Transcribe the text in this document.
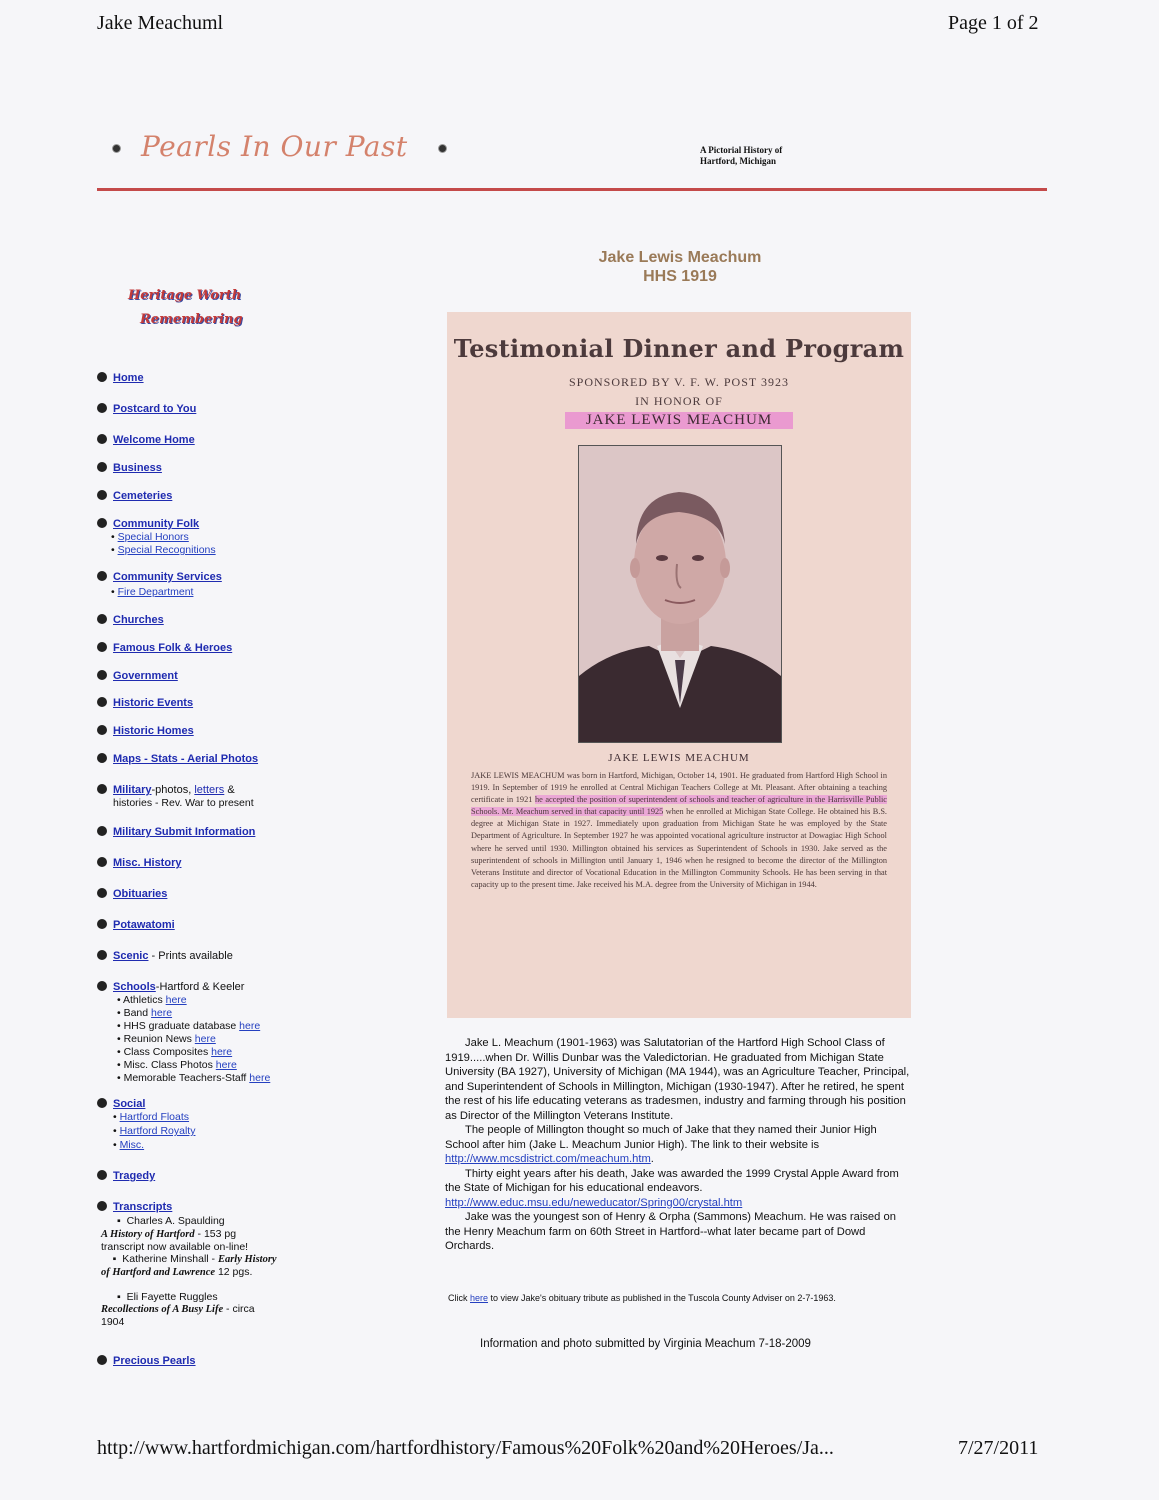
Jake Meachuml	Page 1 of 2
Pearls In Our Past	A Pictorial History of
Hartford, Michigan
Heritage Worth
Remembering
Home
Postcard to You
Welcome Home
Business
Cemeteries
Community Folk
• Special Honors
• Special Recognitions
Community Services
• Fire Department
Churches
Famous Folk & Heroes
Government
Historic Events
Historic Homes
Maps - Stats - Aerial Photos
Military-photos, letters &
histories - Rev. War to present
Military Submit Information
Misc. History
Obituaries
Potawatomi
Scenic - Prints available
Schools-Hartford & Keeler
• Athletics here
• Band here
• HHS graduate database here
• Reunion News here
• Class Composites here
• Misc. Class Photos here
• Memorable Teachers-Staff here
Social
• Hartford Floats
• Hartford Royalty
• Misc.
Tragedy
Transcripts
▪  Charles A. Spaulding
A History of Hartford - 153 pg
transcript now available on-line!
▪  Katherine Minshall - Early History of Hartford and Lawrence 12 pgs.
▪  Eli Fayette Ruggles
Recollections of A Busy Life - circa 1904
Precious Pearls
Jake Lewis Meachum
HHS 1919
Testimonial Dinner and Program
SPONSORED BY V. F. W. POST 3923
IN HONOR OF
JAKE LEWIS MEACHUM
JAKE LEWIS MEACHUM
JAKE LEWIS MEACHUM was born in Hartford, Michigan, October 14, 1901. He graduated from Hartford High School in 1919. In September of 1919 he enrolled at Central Michigan Teachers College at Mt. Pleasant. After obtaining a teaching certificate in 1921 he accepted the position of superintendent of schools and teacher of agriculture in the Harrisville Public Schools. Mr. Meachum served in that capacity until 1925 when he enrolled at Michigan State College. He obtained his B.S. degree at Michigan State in 1927. Immediately upon graduation from Michigan State he was employed by the State Department of Agriculture. In September 1927 he was appointed vocational agriculture instructor at Dowagiac High School where he served until 1930. Millington obtained his services as Superintendent of Schools in 1930. Jake served as the superintendent of schools in Millington until January 1, 1946 when he resigned to become the director of the Millington Veterans Institute and director of Vocational Education in the Millington Community Schools. He has been serving in that capacity up to the present time. Jake received his M.A. degree from the University of Michigan in 1944.

Jake L. Meachum (1901-1963) was Salutatorian of the Hartford High School Class of 1919.....when Dr. Willis Dunbar was the Valedictorian. He graduated from Michigan State University (BA 1927), University of Michigan (MA 1944), was an Agriculture Teacher, Principal, and Superintendent of Schools in Millington, Michigan (1930-1947). After he retired, he spent the rest of his life educating veterans as tradesmen, industry and farming through his position as Director of the Millington Veterans Institute.

The people of Millington thought so much of Jake that they named their Junior High School after him (Jake L. Meachum Junior High). The link to their website is http://www.mcsdistrict.com/meachum.htm.

Thirty eight years after his death, Jake was awarded the 1999 Crystal Apple Award from the State of Michigan for his educational endeavors.
http://www.educ.msu.edu/neweducator/Spring00/crystal.htm

Jake was the youngest son of Henry & Orpha (Sammons) Meachum. He was raised on the Henry Meachum farm on 60th Street in Hartford--what later became part of Dowd Orchards.

Click here to view Jake's obituary tribute as published in the Tuscola County Adviser on 2-7-1963.
Information and photo submitted by Virginia Meachum 7-18-2009
http://www.hartfordmichigan.com/hartfordhistory/Famous%20Folk%20and%20Heroes/Ja...	7/27/2011
